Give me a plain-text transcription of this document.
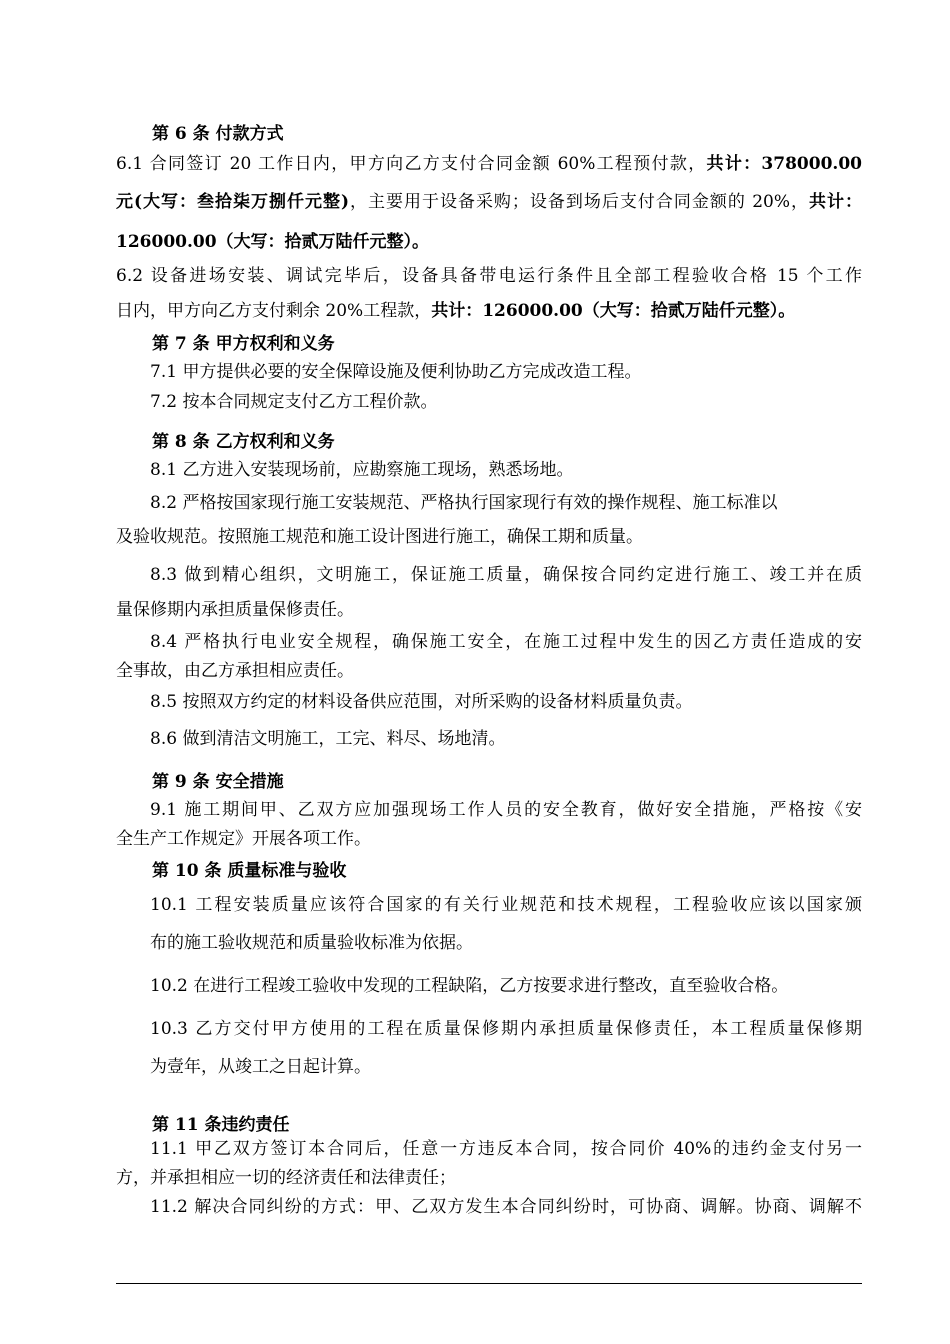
第 6 条 付款方式
6.1 合同签订 20 工作日内，甲方向乙方支付合同金额 60%工程预付款，共计：378000.00
元(大写：叁拾柒万捌仟元整)，主要用于设备采购；设备到场后支付合同金额的 20%，共计：
126000.00（大写：拾贰万陆仟元整）。
6.2 设备进场安装、调试完毕后，设备具备带电运行条件且全部工程验收合格 15 个工作
日内，甲方向乙方支付剩余 20%工程款，共计：126000.00（大写：拾贰万陆仟元整）。
第 7 条 甲方权利和义务
7.1 甲方提供必要的安全保障设施及便利协助乙方完成改造工程。
7.2 按本合同规定支付乙方工程价款。
第 8 条 乙方权利和义务
8.1 乙方进入安装现场前，应勘察施工现场，熟悉场地。
8.2 严格按国家现行施工安装规范、严格执行国家现行有效的操作规程、施工标准以
及验收规范。按照施工规范和施工设计图进行施工，确保工期和质量。
8.3 做到精心组织，文明施工，保证施工质量，确保按合同约定进行施工、竣工并在质
量保修期内承担质量保修责任。
8.4 严格执行电业安全规程，确保施工安全，在施工过程中发生的因乙方责任造成的安
全事故，由乙方承担相应责任。
8.5 按照双方约定的材料设备供应范围，对所采购的设备材料质量负责。
8.6 做到清洁文明施工，工完、料尽、场地清。
第 9 条 安全措施
9.1 施工期间甲、乙双方应加强现场工作人员的安全教育，做好安全措施，严格按《安
全生产工作规定》开展各项工作。
第 10 条 质量标准与验收
10.1 工程安装质量应该符合国家的有关行业规范和技术规程，工程验收应该以国家颁
布的施工验收规范和质量验收标准为依据。
10.2 在进行工程竣工验收中发现的工程缺陷，乙方按要求进行整改，直至验收合格。
10.3 乙方交付甲方使用的工程在质量保修期内承担质量保修责任，本工程质量保修期
为壹年，从竣工之日起计算。
第 11 条违约责任
11.1 甲乙双方签订本合同后，任意一方违反本合同，按合同价 40%的违约金支付另一
方，并承担相应一切的经济责任和法律责任；
11.2 解决合同纠纷的方式：甲、乙双方发生本合同纠纷时，可协商、调解。协商、调解不
